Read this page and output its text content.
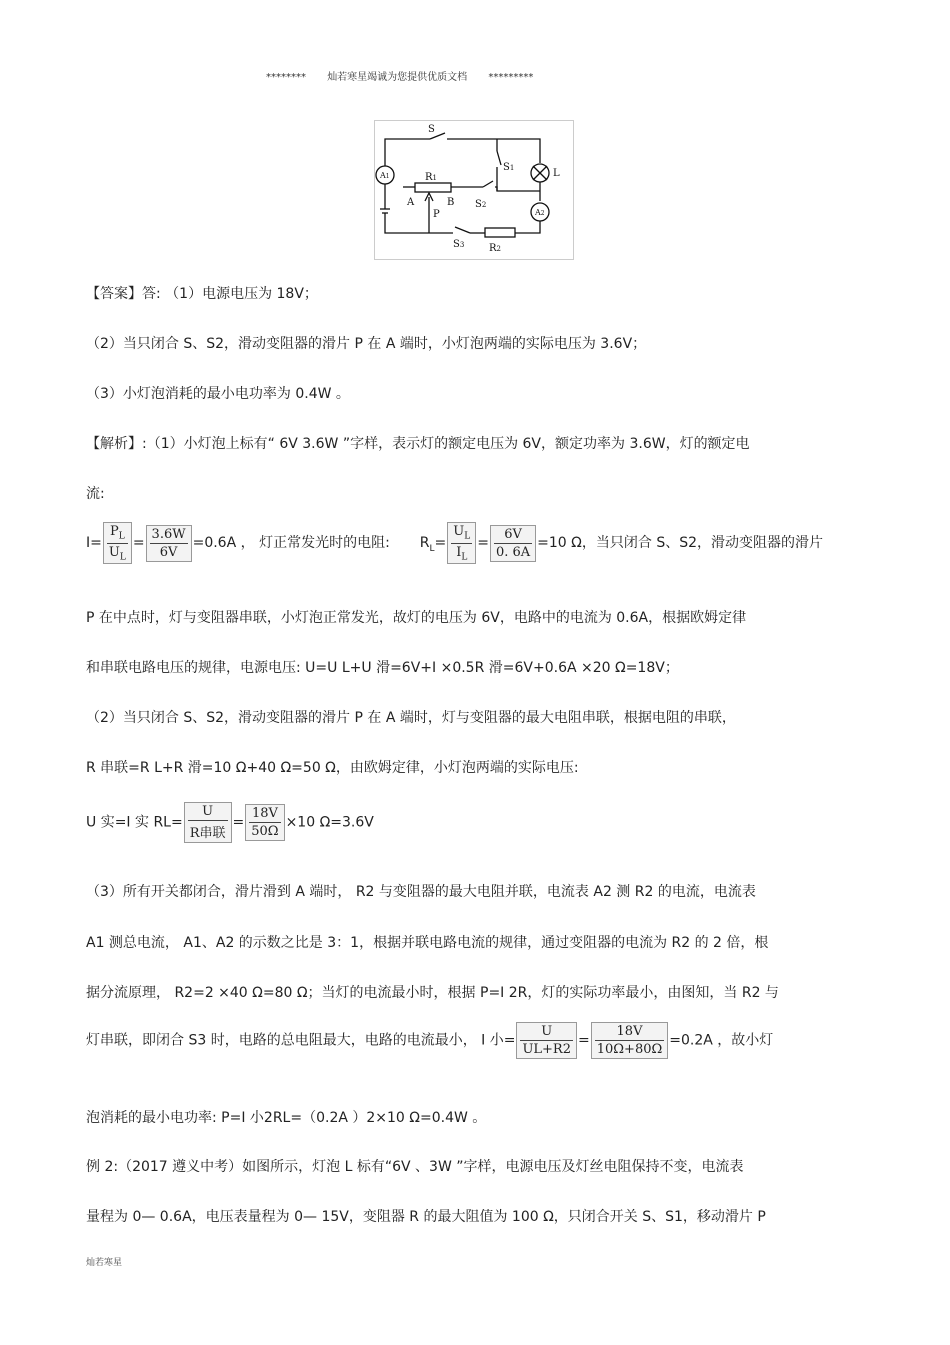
******** 灿若寒星竭诚为您提供优质文档 *********
S
S1	L
A1
A2
R1
A	B
P
S2
S3 R2
【答案】答: （1）电源电压为 18V；
（2）当只闭合 S、S2，滑动变阻器的滑片 P 在 A 端时，小灯泡两端的实际电压为 3.6V；
（3）小灯泡消耗的最小电功率为 0.4W 。
【解析】:（1）小灯泡上标有“ 6V 3.6W ”字样，表示灯的额定电压为 6V，额定功率为 3.6W，灯的额定电
流:
$I= \frac{P_L}{U_L} = \frac{3.6W}{6V} =0.6A$ ， 灯正常发光时的电阻: $R_L= \frac{U_L}{I_L} = \frac{6V}{0. 6A} =10$ Ω，当只闭合 S、S2，滑动变阻器的滑片
P 在中点时，灯与变阻器串联，小灯泡正常发光，故灯的电压为 6V，电路中的电流为 0.6A，根据欧姆定律
和串联电路电压的规律，电源电压: U=U L+U 滑=6V+I ×0.5R 滑=6V+0.6A ×20 Ω=18V；
（2）当只闭合 S、S2，滑动变阻器的滑片 P 在 A 端时，灯与变阻器的最大电阻串联，根据电阻的串联，
R 串联=R L+R 滑=10 Ω+40 Ω=50 Ω，由欧姆定律，小灯泡两端的实际电压:
U 实=I 实 $RL= \frac{U}{\text{R串联}} = \frac{18V}{50\Omega} \times 10$ Ω=3.6V
（3）所有开关都闭合，滑片滑到 A 端时， R2 与变阻器的最大电阻并联，电流表 A2 测 R2 的电流，电流表
A1 测总电流， A1、A2 的示数之比是 3：1，根据并联电路电流的规律，通过变阻器的电流为 R2 的 2 倍，根
据分流原理， R2=2 ×40 Ω=80 Ω；当灯的电流最小时，根据 P=I 2R，灯的实际功率最小，由图知，当 R2 与
灯串联，即闭合 S3 时，电路的总电阻最大，电路的电流最小， I 小= $\frac{U}{UL+R2} = \frac{18V}{10\Omega+80\Omega} =0.2A$ ，故小灯
泡消耗的最小电功率: P=I 小2RL=（0.2A ）2×10 Ω=0.4W 。
例 2:（2017 遵义中考）如图所示，灯泡 L 标有“6V 、3W ”字样，电源电压及灯丝电阻保持不变，电流表
量程为 0— 0.6A，电压表量程为 0— 15V，变阻器 R 的最大阻值为 100 Ω，只闭合开关 S、S1，移动滑片 P
灿若寒星
